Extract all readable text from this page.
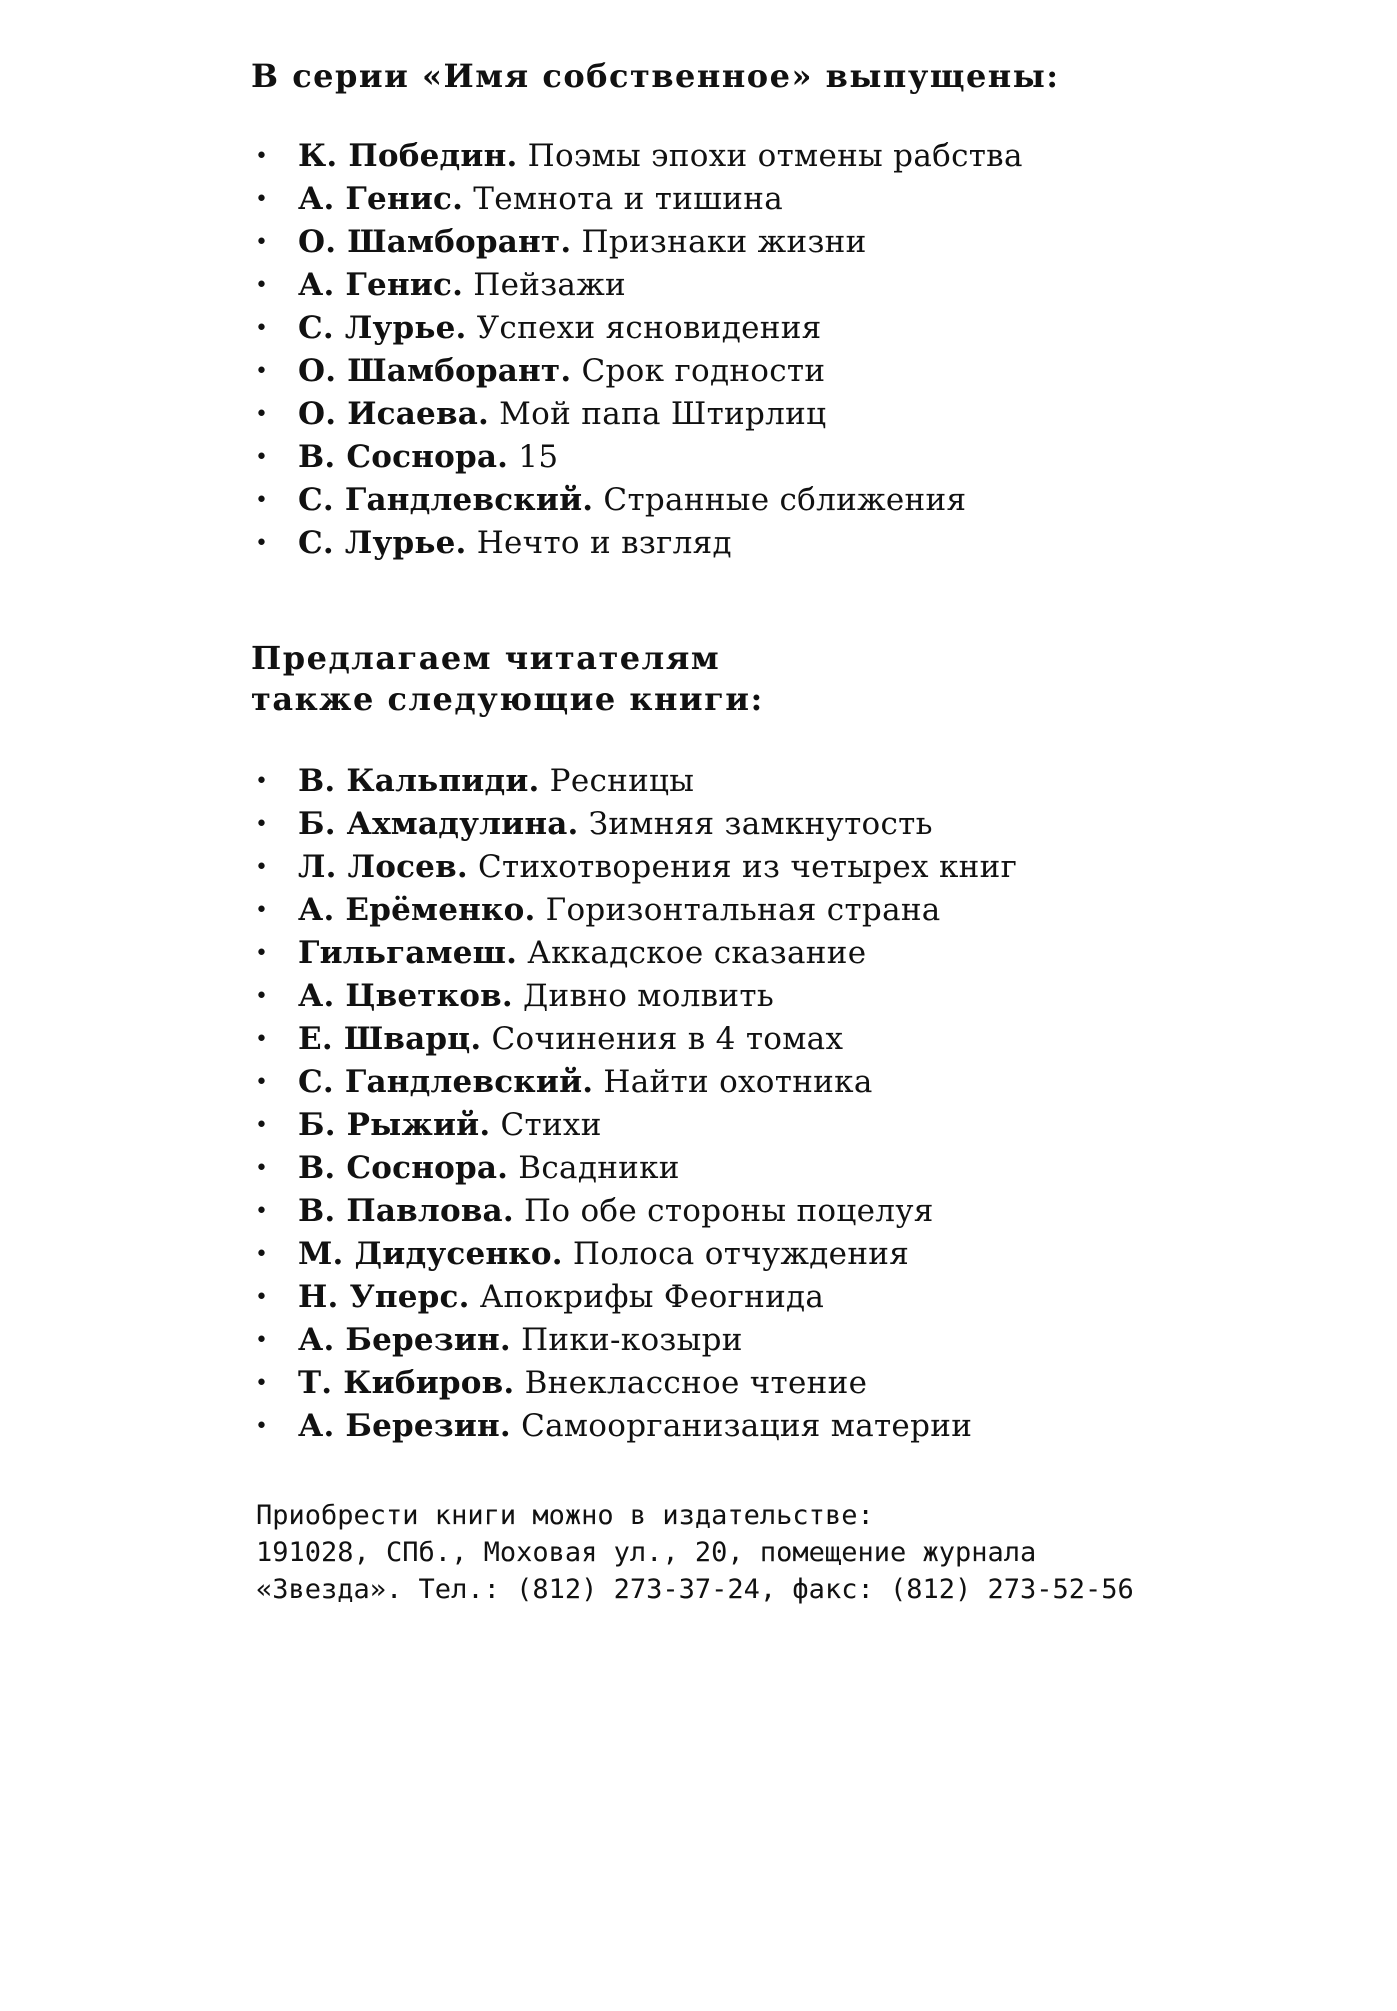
В серии «Имя собственное» выпущены:
• К. Победин. Поэмы эпохи отмены рабства
• А. Генис. Темнота и тишина
• О. Шамборант. Признаки жизни
• А. Генис. Пейзажи
• С. Лурье. Успехи ясновидения
• О. Шамборант. Срок годности
• О. Исаева. Мой папа Штирлиц
• В. Соснора. 15
• С. Гандлевский. Странные сближения
• С. Лурье. Нечто и взгляд
Предлагаем читателям
также следующие книги:
• В. Кальпиди. Ресницы
• Б. Ахмадулина. Зимняя замкнутость
• Л. Лосев. Стихотворения из четырех книг
• А. Ерёменко. Горизонтальная страна
• Гильгамеш. Аккадское сказание
• А. Цветков. Дивно молвить
• Е. Шварц. Сочинения в 4 томах
• С. Гандлевский. Найти охотника
• Б. Рыжий. Стихи
• В. Соснора. Всадники
• В. Павлова. По обе стороны поцелуя
• М. Дидусенко. Полоса отчуждения
• Н. Уперс. Апокрифы Феогнида
• А. Березин. Пики-козыри
• Т. Кибиров. Внеклассное чтение
• А. Березин. Самоорганизация материи
Приобрести книги можно в издательстве:
191028, СПб., Моховая ул., 20, помещение журнала
«Звезда». Тел.: (812) 273-37-24, факс: (812) 273-52-56
